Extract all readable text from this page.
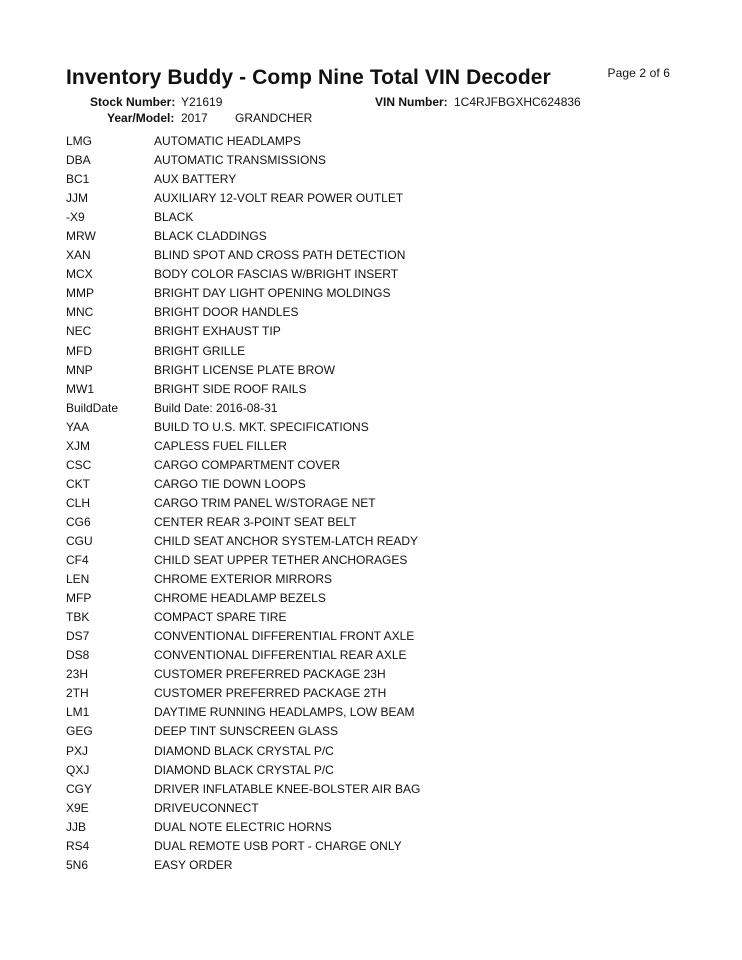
Page 2 of 6
Inventory Buddy - Comp Nine Total VIN Decoder
Stock Number: Y21619	VIN Number: 1C4RJFBGXHC624836
Year/Model: 2017 GRANDCHER
LMG	AUTOMATIC HEADLAMPS
DBA	AUTOMATIC TRANSMISSIONS
BC1	AUX BATTERY
JJM	AUXILIARY 12-VOLT REAR POWER OUTLET
-X9	BLACK
MRW	BLACK CLADDINGS
XAN	BLIND SPOT AND CROSS PATH DETECTION
MCX	BODY COLOR FASCIAS W/BRIGHT INSERT
MMP	BRIGHT DAY LIGHT OPENING MOLDINGS
MNC	BRIGHT DOOR HANDLES
NEC	BRIGHT EXHAUST TIP
MFD	BRIGHT GRILLE
MNP	BRIGHT LICENSE PLATE BROW
MW1	BRIGHT SIDE ROOF RAILS
BuildDate	Build Date: 2016-08-31
YAA	BUILD TO U.S. MKT. SPECIFICATIONS
XJM	CAPLESS FUEL FILLER
CSC	CARGO COMPARTMENT COVER
CKT	CARGO TIE DOWN LOOPS
CLH	CARGO TRIM PANEL W/STORAGE NET
CG6	CENTER REAR 3-POINT SEAT BELT
CGU	CHILD SEAT ANCHOR SYSTEM-LATCH READY
CF4	CHILD SEAT UPPER TETHER ANCHORAGES
LEN	CHROME EXTERIOR MIRRORS
MFP	CHROME HEADLAMP BEZELS
TBK	COMPACT SPARE TIRE
DS7	CONVENTIONAL DIFFERENTIAL FRONT AXLE
DS8	CONVENTIONAL DIFFERENTIAL REAR AXLE
23H	CUSTOMER PREFERRED PACKAGE 23H
2TH	CUSTOMER PREFERRED PACKAGE 2TH
LM1	DAYTIME RUNNING HEADLAMPS, LOW BEAM
GEG	DEEP TINT SUNSCREEN GLASS
PXJ	DIAMOND BLACK CRYSTAL P/C
QXJ	DIAMOND BLACK CRYSTAL P/C
CGY	DRIVER INFLATABLE KNEE-BOLSTER AIR BAG
X9E	DRIVEUCONNECT
JJB	DUAL NOTE ELECTRIC HORNS
RS4	DUAL REMOTE USB PORT - CHARGE ONLY
5N6	EASY ORDER
